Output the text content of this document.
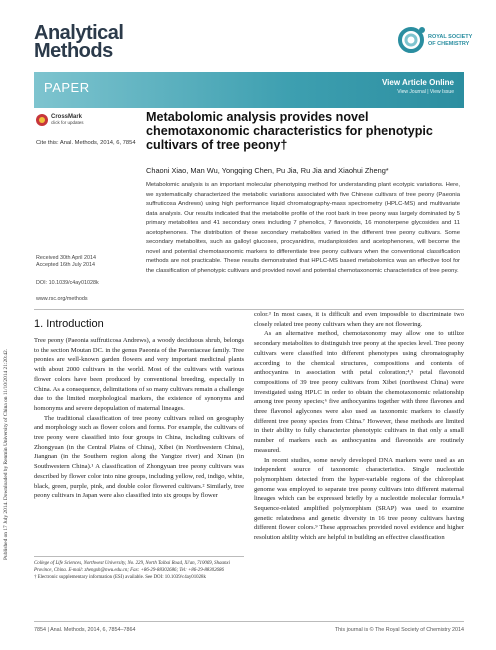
Published on 17 July 2014. Downloaded by Renmin University of China on 11/10/2014 21:20:42.
Analytical
Methods
ROYAL SOCIETY
OF CHEMISTRY
PAPER	View Article Online
View Journal | View Issue
CrossMark
click for updates
Cite this: Anal. Methods, 2014, 6, 7854
Metabolomic analysis provides novel chemotaxonomic characteristics for phenotypic cultivars of tree peony†
Chaoni Xiao, Man Wu, Yongqing Chen, Pu Jia, Ru Jia and Xiaohui Zheng*

Metabolomic analysis is an important molecular phenotyping method for understanding plant ecotypic variations. Here, we systematically characterized the metabolic variations associated with five Chinese cultivars of tree peony (Paeonia suffruticosa Andrews) using high performance liquid chromatography-mass spectrometry (HPLC-MS) and multivariate data analysis. Our results indicated that the metabolite profile of the root bark in tree peony was largely dominated by 5 primary metabolites and 41 secondary ones including 7 phenolics, 7 flavonoids, 16 monoterpene glycosides and 11 acetophenones. The distribution of these secondary metabolites varied in the different tree peony cultivars. Some secondary metabolites, such as galloyl glucoses, procyanidins, mudanpiosides and acetophenones, will become the novel and potential chemotaxonomic markers to differentiate tree peony cultivars when the conventional classification methods are not practicable. These results demonstrated that HPLC-MS based metabolomics was an effective tool for the classification of phenotypic cultivars and provided novel and potential chemotaxonomic characteristics of tree peony.

Received 30th April 2014
Accepted 16th July 2014
DOI: 10.1039/c4ay01028k
www.rsc.org/methods
1. Introduction

Tree peony (Paeonia suffruticosa Andrews), a woody deciduous shrub, belongs to the section Moutan DC. in the genus Paeonia of the Paeoniaceae family. Tree peonies are well-known garden flowers and very important medicinal plants with about 2000 cultivars in the world. Most of the cultivars with various flower colors have been produced by conventional breeding, especially in China. As a consequence, delimitations of so many cultivars remain a challenge due to the limited morphological markers, the existence of synonyms and homonyms and severe depopulation of maternal lineages.

The traditional classification of tree peony cultivars relied on geography and morphology such as flower colors and forms. For example, the cultivars of tree peony were classified into four groups in China, including cultivars of Zhongyuan (in the Central Plains of China), Xibei (in Northwestern China), Jiangnan (in the Southern region along the Yangtze river) and Xinan (in Southwestern China).¹ A classification of Zhongyuan tree peony cultivars was described by flower color into nine groups, including yellow, red, indigo, white, black, green, purple, pink, and double color flowered cultivars.² Similarly, tree peony cultivars in Japan were also classified into six groups by flower

color.³ In most cases, it is difficult and even impossible to discriminate two closely related tree peony cultivars when they are not flowering.

As an alternative method, chemotaxonomy may allow one to utilize secondary metabolites to distinguish tree peony at the species level. Tree peony cultivars were classified into different phenotypes using chromatography according to the chemical structures, compositions and contents of anthocyanins in association with petal coloration;⁴,⁵ petal flavonoid compositions of 39 tree peony cultivars from Xibei (northwest China) were investigated using HPLC in order to obtain the chemotaxonomic relationship among tree peony species;⁶ five anthocyanins together with three flavones and three flavonol aglycones were also used as taxonomic markers to classify different tree peony species from China.⁷ However, these methods are limited in their ability to fully characterize phenotypic cultivars in that only a small number of markers such as anthocyanins and flavonoids are routinely measured.

In recent studies, some newly developed DNA markers were used as an independent source of taxonomic characteristics. Single nucleotide polymorphism detected from the hyper-variable regions of the chloroplast genome was employed to separate tree peony cultivars into different maternal lineages which can be expressed briefly by a nucleotide molecular formula.⁸ Sequence-related amplified polymorphism (SRAP) was used to examine genetic relatedness and genetic diversity in 16 tree peony cultivars having different flower colors.⁹ These approaches provided novel evidence and higher resolution ability which are helpful in building an effective classification

College of Life Sciences, Northwest University, No. 229, North Taibai Road, Xi'an, 710069, Shaanxi Province, China. E-mail: zhengxh@nwu.edu.cn; Fax: +86-29-88302686; Tel: +86-29-88302686
† Electronic supplementary information (ESI) available. See DOI: 10.1039/c4ay01028k
7854 | Anal. Methods, 2014, 6, 7854–7864	This journal is © The Royal Society of Chemistry 2014
